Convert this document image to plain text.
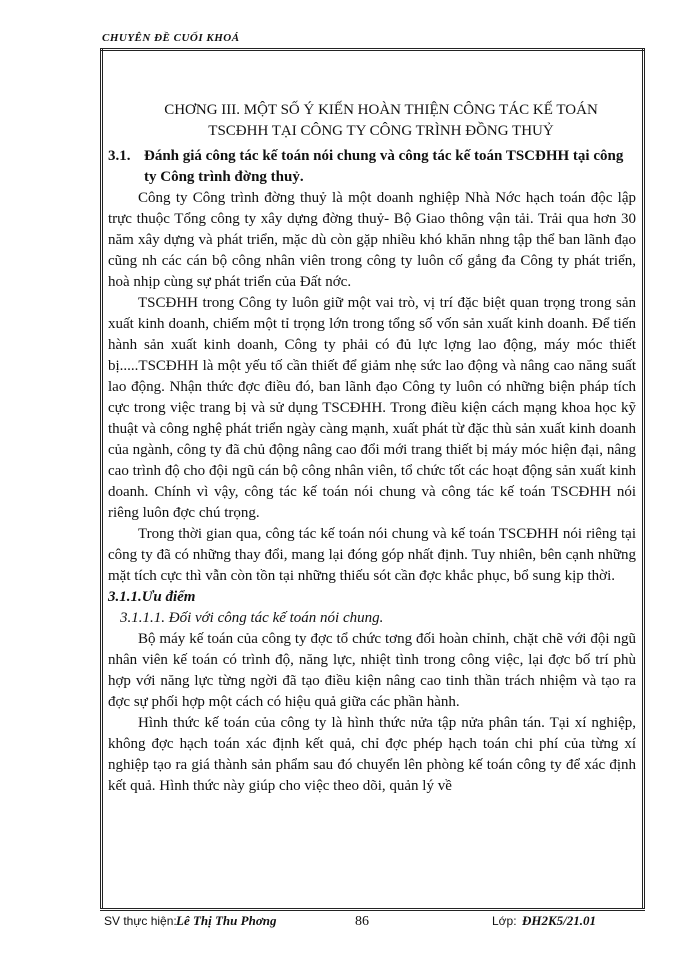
CHUYÊN ĐỀ CUỐI KHOÁ
CHƠNG III. MỘT SỐ Ý KIẾN HOÀN THIỆN CÔNG TÁC KẾ TOÁN
TSCĐHH TẠI CÔNG TY CÔNG TRÌNH ĐỒNG THUỶ
3.1. Đánh giá công tác kế toán nói chung và công tác kế toán TSCĐHH tại công ty Công trình đờng thuỷ.

Công ty Công trình đờng thuỷ là một doanh nghiệp Nhà Nớc hạch toán độc lập trực thuộc Tổng công ty xây dựng đờng thuỷ- Bộ Giao thông vận tải. Trải qua hơn 30 năm xây dựng và phát triển, mặc dù còn gặp nhiều khó khăn nhng tập thể ban lãnh đạo cũng nh các cán bộ công nhân viên trong công ty luôn cố gắng đa Công ty phát triển, hoà nhịp cùng sự phát triển của Đất nớc.

TSCĐHH trong Công ty luôn giữ một vai trò, vị trí đặc biệt quan trọng trong sản xuất kinh doanh, chiếm một tỉ trọng lớn trong tổng số vốn sản xuất kinh doanh. Để tiến hành sản xuất kinh doanh, Công ty phải có đủ lực lợng lao động, máy móc thiết bị.....TSCĐHH là một yếu tố cần thiết để giảm nhẹ sức lao động và nâng cao năng suất lao động. Nhận thức đợc điều đó, ban lãnh đạo Công ty luôn có những biện pháp tích cực trong việc trang bị và sử dụng TSCĐHH. Trong điều kiện cách mạng khoa học kỹ thuật và công nghệ phát triển ngày càng mạnh, xuất phát từ đặc thù sản xuất kinh doanh của ngành, công ty đã chủ động nâng cao đổi mới trang thiết bị máy móc hiện đại, nâng cao trình độ cho đội ngũ cán bộ công nhân viên, tổ chức tốt các hoạt động sản xuất kinh doanh. Chính vì vậy, công tác kế toán nói chung và công tác kế toán TSCĐHH nói riêng luôn đợc chú trọng.

Trong thời gian qua, công tác kế toán nói chung và kế toán TSCĐHH nói riêng tại công ty đã có những thay đổi, mang lại đóng góp nhất định. Tuy nhiên, bên cạnh những mặt tích cực thì vẫn còn tồn tại những thiếu sót cần đợc khắc phục, bổ sung kịp thời.

3.1.1.Ưu điểm
3.1.1.1. Đối với công tác kế toán nói chung.

Bộ máy kế toán của công ty đợc tổ chức tơng đối hoàn chỉnh, chặt chẽ với đội ngũ nhân viên kế toán có trình độ, năng lực, nhiệt tình trong công việc, lại đợc bố trí phù hợp với năng lực từng ngời đã tạo điều kiện nâng cao tinh thần trách nhiệm và tạo ra đợc sự phối hợp một cách có hiệu quả giữa các phần hành.

Hình thức kế toán của công ty là hình thức nửa tập nửa phân tán. Tại xí nghiệp, không đợc hạch toán xác định kết quả, chỉ đợc phép hạch toán chi phí của từng xí nghiệp tạo ra giá thành sản phẩm sau đó chuyển lên phòng kế toán công ty để xác định kết quả. Hình thức này giúp cho việc theo dõi, quản lý về

SV thực hiện: Lê Thị Thu Phơng	86	Lớp: ĐH2K5/21.01
